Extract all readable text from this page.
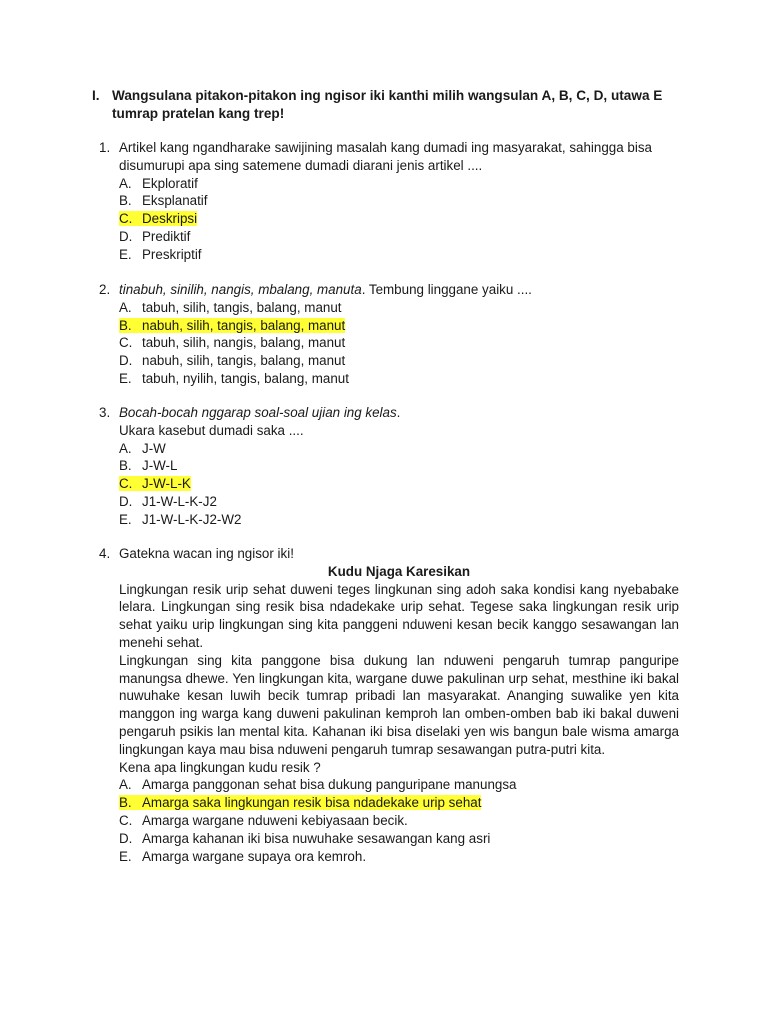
I. Wangsulana pitakon-pitakon ing ngisor iki kanthi milih wangsulan A, B, C, D, utawa E tumrap pratelan kang trep!
1. Artikel kang ngandharake sawijining masalah kang dumadi ing masyarakat, sahingga bisa disumurupi apa sing satemene dumadi diarani jenis artikel ....
A. Ekploratif
B. Eksplanatif
C. Deskripsi
D. Prediktif
E. Preskriptif
2. tinabuh, sinilih, nangis, mbalang, manuta. Tembung linggane yaiku ....
A. tabuh, silih, tangis, balang, manut
B. nabuh, silih, tangis, balang, manut
C. tabuh, silih, nangis, balang, manut
D. nabuh, silih, tangis, balang, manut
E. tabuh, nyilih, tangis, balang, manut
3. Bocah-bocah nggarap soal-soal ujian ing kelas.
Ukara kasebut dumadi saka ....
A. J-W
B. J-W-L
C. J-W-L-K
D. J1-W-L-K-J2
E. J1-W-L-K-J2-W2
4. Gatekna wacan ing ngisor iki!
Kudu Njaga Karesikan
Lingkungan resik urip sehat duweni teges lingkunan sing adoh saka kondisi kang nyebabake lelara. Lingkungan sing resik bisa ndadekake urip sehat. Tegese saka lingkungan resik urip sehat yaiku urip lingkungan sing kita panggeni nduweni kesan becik kanggo sesawangan lan menehi sehat.
Lingkungan sing kita panggone bisa dukung lan nduweni pengaruh tumrap panguripe manungsa dhewe. Yen lingkungan kita, wargane duwe pakulinan urp sehat, mesthine iki bakal nuwuhake kesan luwih becik tumrap pribadi lan masyarakat. Ananging suwalike yen kita manggon ing warga kang duweni pakulinan kemproh lan omben-omben bab iki bakal duweni pengaruh psikis lan mental kita. Kahanan iki bisa diselaki yen wis bangun bale wisma amarga lingkungan kaya mau bisa nduweni pengaruh tumrap sesawangan putra-putri kita.
Kena apa lingkungan kudu resik ?
A. Amarga panggonan sehat bisa dukung panguripane manungsa
B. Amarga saka lingkungan resik bisa ndadekake urip sehat
C. Amarga wargane nduweni kebiyasaan becik.
D. Amarga kahanan iki bisa nuwuhake sesawangan kang asri
E. Amarga wargane supaya ora kemroh.
